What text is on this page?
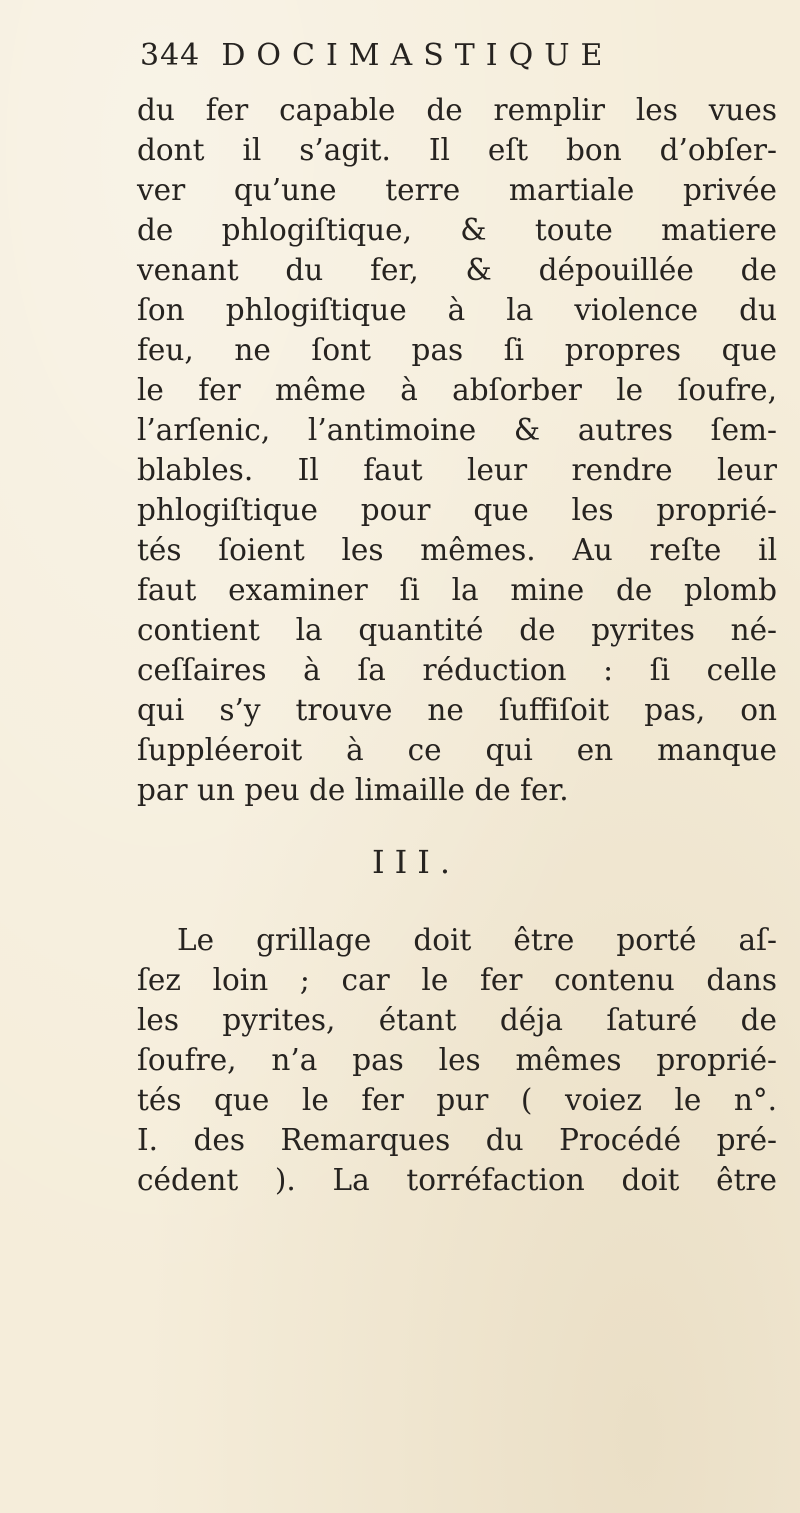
344 DOCIMASTIQUE
du fer capable de remplir les vues
dont il s’agit. Il eſt bon d’obſer-
ver qu’une terre martiale privée
de phlogiſtique, & toute matiere
venant du fer, & dépouillée de
ſon phlogiſtique à la violence du
feu, ne ſont pas ſi propres que
le fer même à abſorber le ſoufre,
l’arſenic, l’antimoine & autres ſem-
blables. Il faut leur rendre leur
phlogiſtique pour que les proprié-
tés ſoient les mêmes. Au reſte il
faut examiner ſi la mine de plomb
contient la quantité de pyrites né-
ceſſaires à ſa réduction : ſi celle
qui s’y trouve ne ſuffiſoit pas, on
ſuppléeroit à ce qui en manque
par un peu de limaille de fer.
III.
Le grillage doit être porté aſ-
ſez loin ; car le fer contenu dans
les pyrites, étant déja ſaturé de
ſoufre, n’a pas les mêmes proprié-
tés que le fer pur ( voiez le n°.
I. des Remarques du Procédé pré-
cédent ). La torréfaction doit être
